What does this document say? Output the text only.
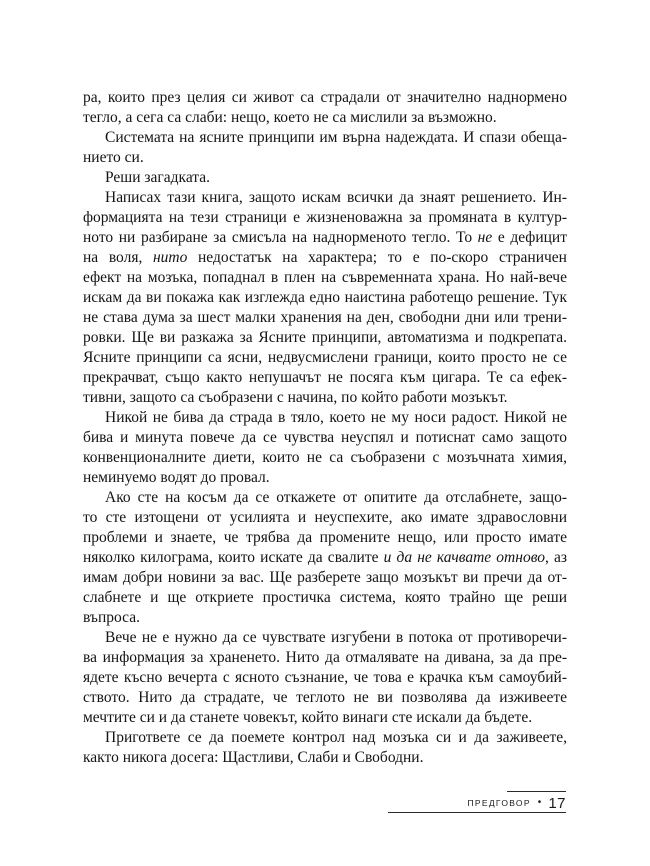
ра, които през целия си живот са страдали от значително наднормено
тегло, а сега са слаби: нещо, което не са мислили за възможно.
Системата на ясните принципи им върна надеждата. И спази обеща-
нието си.
Реши загадката.
Написах тази книга, защото искам всички да знаят решението. Ин-
формацията на тези страници е жизненоважна за промяната в култур-
ното ни разбиране за смисъла на наднорменото тегло. То не е дефицит
на воля, нито недостатък на характера; то е по-скоро страничен
ефект на мозъка, попаднал в плен на съвременната храна. Но най-вече
искам да ви покажа как изглежда едно наистина работещо решение. Тук
не става дума за шест малки хранения на ден, свободни дни или трени-
ровки. Ще ви разкажа за Ясните принципи, автоматизма и подкрепата.
Ясните принципи са ясни, недвусмислени граници, които просто не се
прекрачват, също както непушачът не посяга към цигара. Те са ефек-
тивни, защото са съобразени с начина, по който работи мозъкът.
Никой не бива да страда в тяло, което не му носи радост. Никой не
бива и минута повече да се чувства неуспял и потиснат само защото
конвенционалните диети, които не са съобразени с мозъчната химия,
неминуемо водят до провал.
Ако сте на косъм да се откажете от опитите да отслабнете, защо-
то сте изтощени от усилията и неуспехите, ако имате здравословни
проблеми и знаете, че трябва да промените нещо, или просто имате
няколко килограма, които искате да свалите и да не качвате отново, аз
имам добри новини за вас. Ще разберете защо мозъкът ви пречи да от-
слабнете и ще откриете простичка система, която трайно ще реши
въпроса.
Вече не е нужно да се чувствате изгубени в потока от противоречи-
ва информация за храненето. Нито да отмалявате на дивана, за да пре-
ядете късно вечерта с ясното съзнание, че това е крачка към самоубий-
ството. Нито да страдате, че теглото не ви позволява да изживеете
мечтите си и да станете човекът, който винаги сте искали да бъдете.
Пригответе се да поемете контрол над мозъка си и да заживеете,
както никога досега: Щастливи, Слаби и Свободни.
ПРЕДГОВОР • 17
